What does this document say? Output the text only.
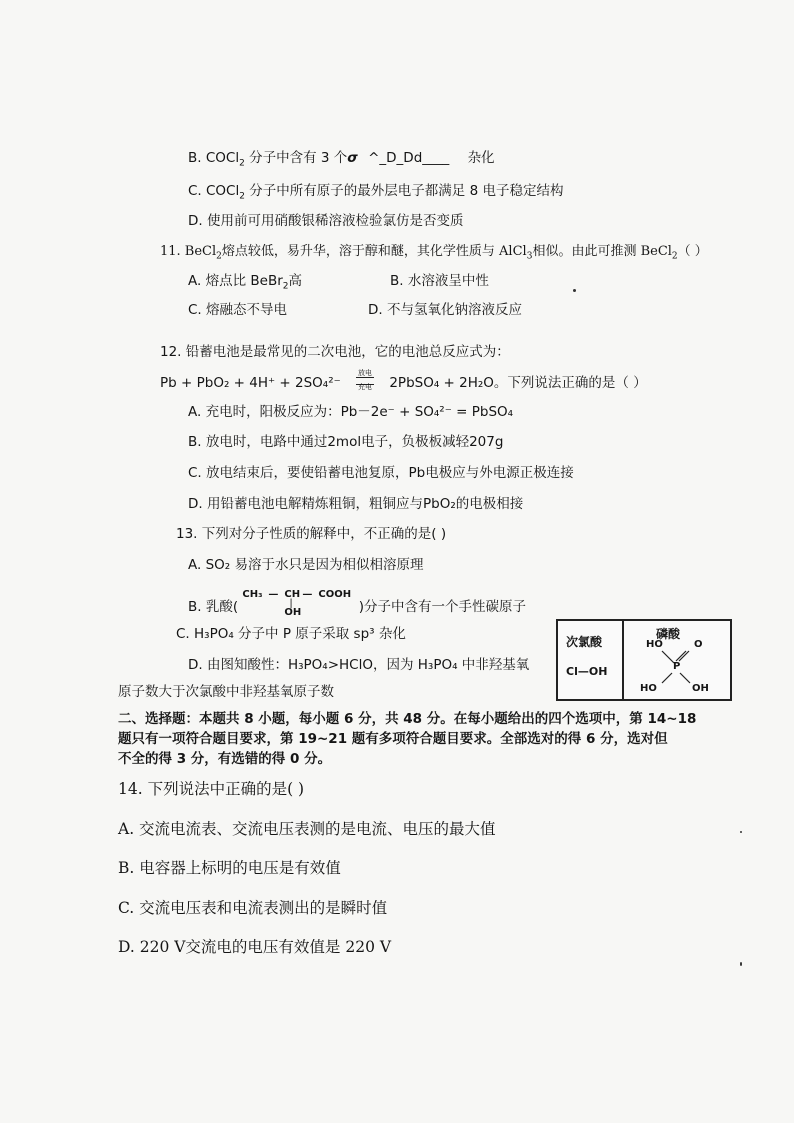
B. COCl$_2$ 分子中含有 3 个σ ^_D_Dd____ 杂化
C. COCl$_2$ 分子中所有原子的最外层电子都满足 8 电子稳定结构
D. 使用前可用硝酸银稀溶液检验氯仿是否变质
11. BeCl$_2$熔点较低，易升华，溶于醇和醚，其化学性质与 AlCl$_3$相似。由此可推测 BeCl$_2$（ ）
A. 熔点比 BeBr$_2$高	B. 水溶液呈中性
C. 熔融态不导电	D. 不与氢氧化钠溶液反应
12. 铅蓄电池是最常见的二次电池，它的电池总反应式为：
Pb + PbO₂ + 4H⁺ + 2SO₄²⁻
放电
充电	2PbSO₄ + 2H₂O。下列说法正确的是（ ）
A. 充电时，阳极反应为：Pb－2e⁻ + SO₄²⁻ = PbSO₄
B. 放电时，电路中通过2mol电子，负极板减轻207g
C. 放电结束后，要使铅蓄电池复原，Pb电极应与外电源正极连接
D. 用铅蓄电池电解精炼粗铜，粗铜应与PbO₂的电极相接
13. 下列对分子性质的解释中，不正确的是( )
A. SO₂ 易溶于水只是因为相似相溶原理
B. 乳酸(
CH₃ — CH — COOH
|
OH	)分子中含有一个手性碳原子
C. H₃PO₄ 分子中 P 原子采取 sp³ 杂化
D. 由图知酸性：H₃PO₄>HClO，因为 H₃PO₄ 中非羟基氧
原子数大于次氯酸中非羟基氧原子数
次氯酸
Cl—OH
磷酸
HO	O
P
HO	OH
二、选择题：本题共 8 小题，每小题 6 分，共 48 分。在每小题给出的四个选项中，第 14~18
题只有一项符合题目要求，第 19~21 题有多项符合题目要求。全部选对的得 6 分，选对但
不全的得 3 分，有选错的得 0 分。
14. 下列说法中正确的是( )
A. 交流电流表、交流电压表测的是电流、电压的最大值
B. 电容器上标明的电压是有效值
C. 交流电压表和电流表测出的是瞬时值
D. 220 V交流电的电压有效值是 220 V
